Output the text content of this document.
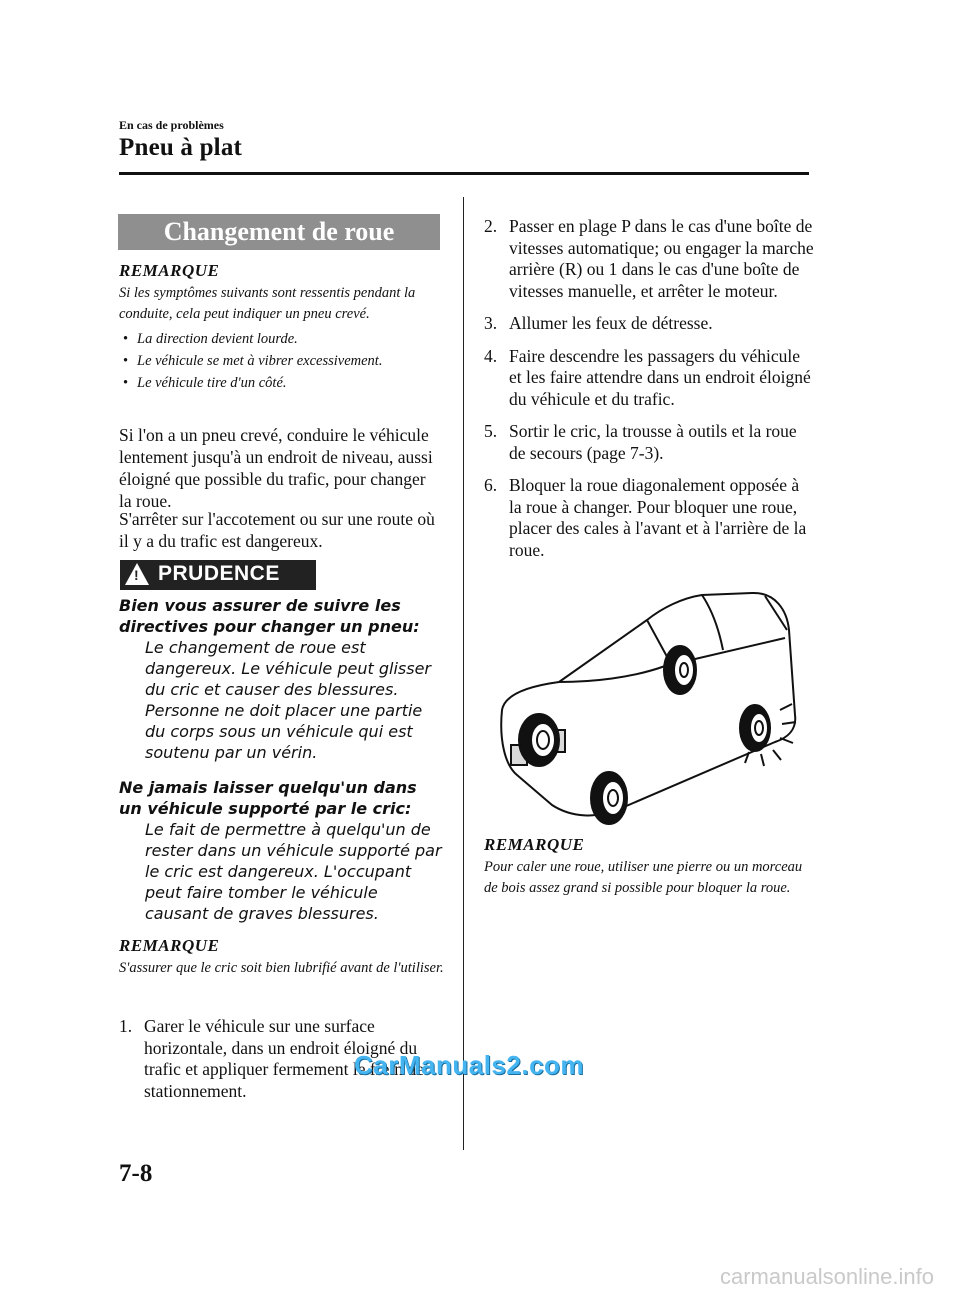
En cas de problèmes
Pneu à plat
Changement de roue
REMARQUE
Si les symptômes suivants sont ressentis pendant la conduite, cela peut indiquer un pneu crevé.
• La direction devient lourde.
• Le véhicule se met à vibrer excessivement.
• Le véhicule tire d'un côté.
Si l'on a un pneu crevé, conduire le véhicule lentement jusqu'à un endroit de niveau, aussi éloigné que possible du trafic, pour changer la roue.
S'arrêter sur l'accotement ou sur une route où il y a du trafic est dangereux.
! PRUDENCE
Bien vous assurer de suivre les directives pour changer un pneu:
Le changement de roue est dangereux. Le véhicule peut glisser du cric et causer des blessures. Personne ne doit placer une partie du corps sous un véhicule qui est soutenu par un vérin.
Ne jamais laisser quelqu'un dans un véhicule supporté par le cric:
Le fait de permettre à quelqu'un de rester dans un véhicule supporté par le cric est dangereux. L'occupant peut faire tomber le véhicule causant de graves blessures.
REMARQUE
S'assurer que le cric soit bien lubrifié avant de l'utiliser.
1. Garer le véhicule sur une surface horizontale, dans un endroit éloigné du trafic et appliquer fermement le frein de stationnement.
2. Passer en plage P dans le cas d'une boîte de vitesses automatique; ou engager la marche arrière (R) ou 1 dans le cas d'une boîte de vitesses manuelle, et arrêter le moteur.
3. Allumer les feux de détresse.
4. Faire descendre les passagers du véhicule et les faire attendre dans un endroit éloigné du véhicule et du trafic.
5. Sortir le cric, la trousse à outils et la roue de secours (page 7-3).
6. Bloquer la roue diagonalement opposée à la roue à changer. Pour bloquer une roue, placer des cales à l'avant et à l'arrière de la roue.
REMARQUE
Pour caler une roue, utiliser une pierre ou un morceau de bois assez grand si possible pour bloquer la roue.
CarManuals2.com
7-8
carmanualsonline.info
